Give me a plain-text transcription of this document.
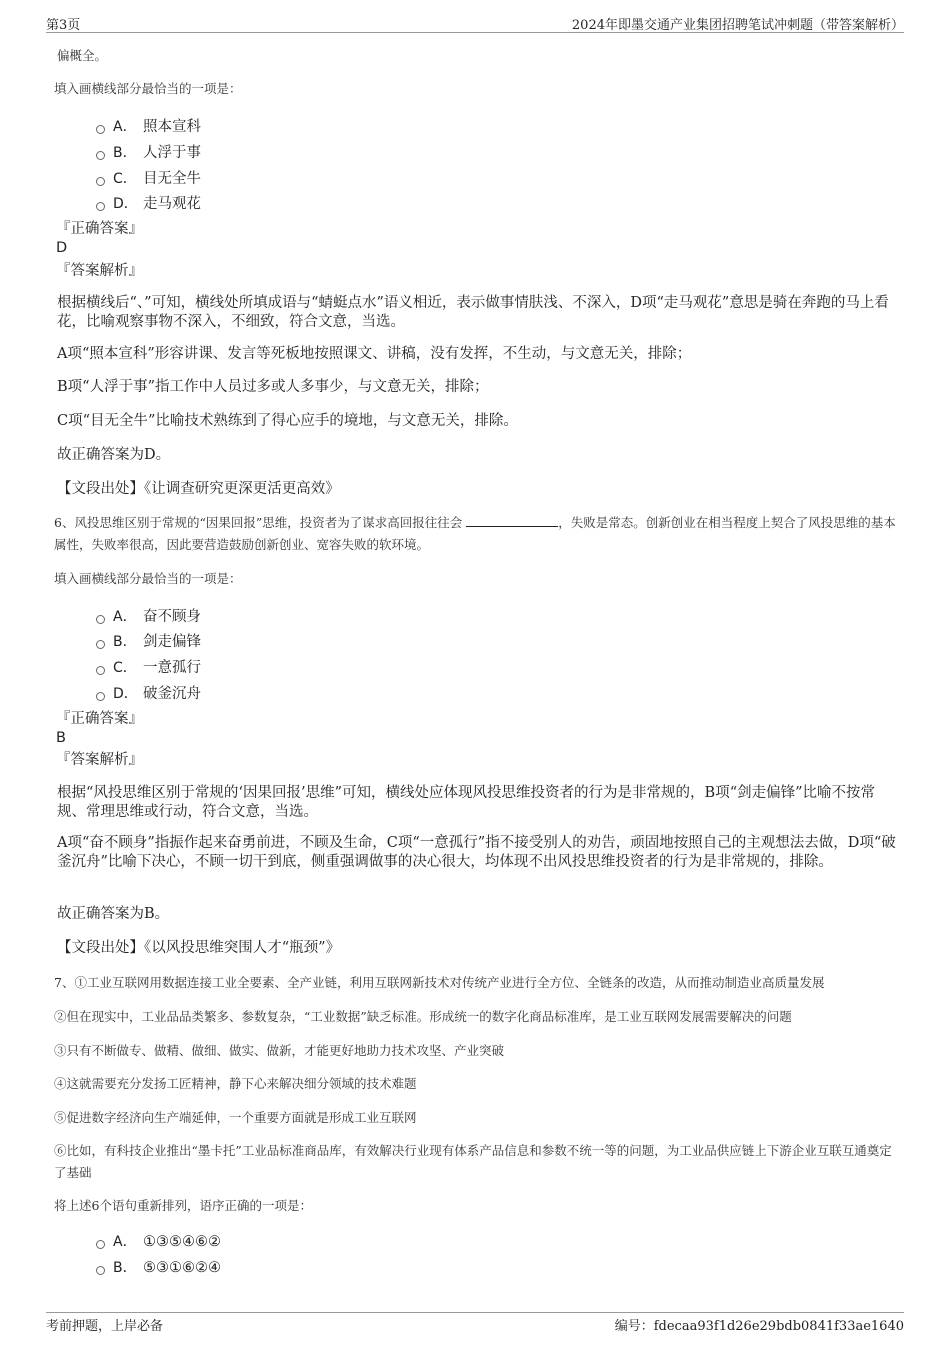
第3页	2024年即墨交通产业集团招聘笔试冲刺题（带答案解析）
偏概全。
填入画横线部分最恰当的一项是：
A． 照本宣科
B． 人浮于事
C． 目无全牛
D． 走马观花
『正确答案』
D
『答案解析』
根据横线后“、”可知，横线处所填成语与“蜻蜓点水”语义相近，表示做事情肤浅、不深入，D项“走马观花”意思是骑在奔跑的马上看花，比喻观察事物不深入，不细致，符合文意，当选。
A项“照本宣科”形容讲课、发言等死板地按照课文、讲稿，没有发挥，不生动，与文意无关，排除；
B项“人浮于事”指工作中人员过多或人多事少，与文意无关，排除；
C项“目无全牛”比喻技术熟练到了得心应手的境地，与文意无关，排除。
故正确答案为D。
【文段出处】《让调查研究更深更活更高效》
6、风投思维区别于常规的“因果回报”思维，投资者为了谋求高回报往往会	，失败是常态。创新创业在相当程度上契合了风投思维的基本属性，失败率很高，因此要营造鼓励创新创业、宽容失败的软环境。
填入画横线部分最恰当的一项是：
A． 奋不顾身
B． 剑走偏锋
C． 一意孤行
D． 破釜沉舟
『正确答案』
B
『答案解析』
根据“风投思维区别于常规的‘因果回报’思维”可知，横线处应体现风投思维投资者的行为是非常规的，B项“剑走偏锋”比喻不按常规、常理思维或行动，符合文意，当选。
A项“奋不顾身”指振作起来奋勇前进，不顾及生命，C项“一意孤行”指不接受别人的劝告，顽固地按照自己的主观想法去做，D项“破釜沉舟”比喻下决心，不顾一切干到底，侧重强调做事的决心很大，均体现不出风投思维投资者的行为是非常规的，排除。
故正确答案为B。
【文段出处】《以风投思维突围人才“瓶颈”》
7、①工业互联网用数据连接工业全要素、全产业链，利用互联网新技术对传统产业进行全方位、全链条的改造，从而推动制造业高质量发展
②但在现实中，工业品品类繁多、参数复杂，“工业数据”缺乏标准。形成统一的数字化商品标准库，是工业互联网发展需要解决的问题
③只有不断做专、做精、做细、做实、做新，才能更好地助力技术攻坚、产业突破
④这就需要充分发扬工匠精神，静下心来解决细分领域的技术难题
⑤促进数字经济向生产端延伸，一个重要方面就是形成工业互联网
⑥比如，有科技企业推出“墨卡托”工业品标准商品库，有效解决行业现有体系产品信息和参数不统一等的问题，为工业品供应链上下游企业互联互通奠定了基础
将上述6个语句重新排列，语序正确的一项是：
A． ①③⑤④⑥②
B． ⑤③①⑥②④
考前押题，上岸必备	编号：fdecaa93f1d26e29bdb0841f33ae1640
